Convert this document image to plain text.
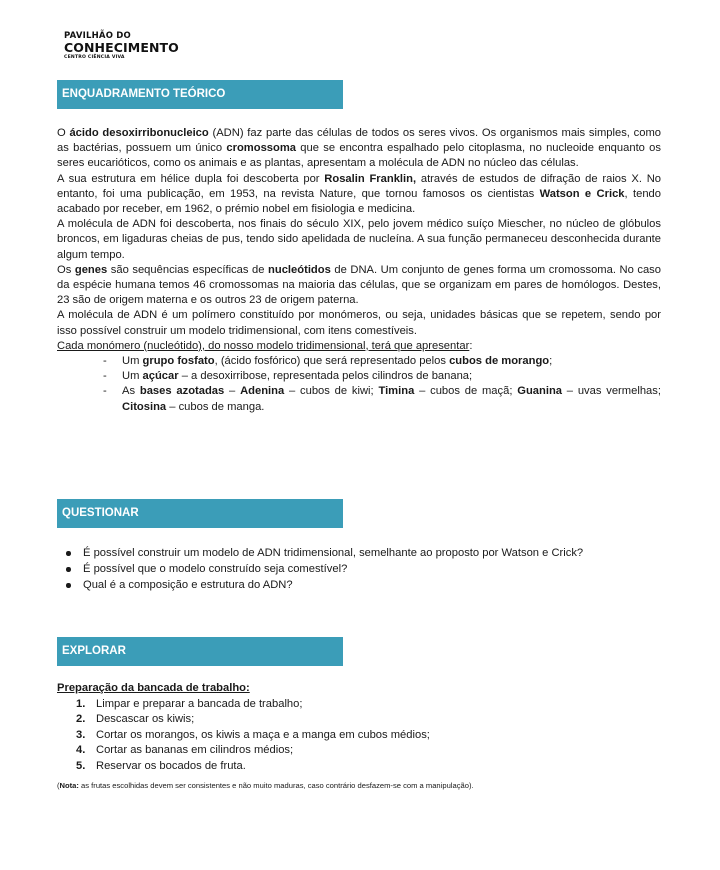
PAVILHÃO DO
CONHECIMENTO
CENTRO CIÊNCIA VIVA
ENQUADRAMENTO TEÓRICO

O ácido desoxirribonucleico (ADN) faz parte das células de todos os seres vivos. Os organismos mais simples, como as bactérias, possuem um único cromossoma que se encontra espalhado pelo citoplasma, no nucleoide enquanto os seres eucarióticos, como os animais e as plantas, apresentam a molécula de ADN no núcleo das células.

A sua estrutura em hélice dupla foi descoberta por Rosalin Franklin, através de estudos de difração de raios X. No entanto, foi uma publicação, em 1953, na revista Nature, que tornou famosos os cientistas Watson e Crick, tendo acabado por receber, em 1962, o prémio nobel em fisiologia e medicina.

A molécula de ADN foi descoberta, nos finais do século XIX, pelo jovem médico suíço Miescher, no núcleo de glóbulos broncos, em ligaduras cheias de pus, tendo sido apelidada de nucleína. A sua função permaneceu desconhecida durante algum tempo.

Os genes são sequências específicas de nucleótidos de DNA. Um conjunto de genes forma um cromossoma. No caso da espécie humana temos 46 cromossomas na maioria das células, que se organizam em pares de homólogos. Destes, 23 são de origem materna e os outros 23 de origem paterna.

A molécula de ADN é um polímero constituído por monómeros, ou seja, unidades básicas que se repetem, sendo por isso possível construir um modelo tridimensional, com itens comestíveis.

Cada monómero (nucleótido), do nosso modelo tridimensional, terá que apresentar:

- Um grupo fosfato, (ácido fosfórico) que será representado pelos cubos de morango;
- Um açúcar – a desoxirribose, representada pelos cilindros de banana;
- As bases azotadas – Adenina – cubos de kiwi; Timina – cubos de maçã; Guanina – uvas vermelhas; Citosina – cubos de manga.
QUESTIONAR
É possível construir um modelo de ADN tridimensional, semelhante ao proposto por Watson e Crick?
É possível que o modelo construído seja comestível?
Qual é a composição e estrutura do ADN?
EXPLORAR
Preparação da bancada de trabalho:
1. Limpar e preparar a bancada de trabalho;
2. Descascar os kiwis;
3. Cortar os morangos, os kiwis a maça e a manga em cubos médios;
4. Cortar as bananas em cilindros médios;
5. Reservar os bocados de fruta.
(Nota: as frutas escolhidas devem ser consistentes e não muito maduras, caso contrário desfazem-se com a manipulação).
